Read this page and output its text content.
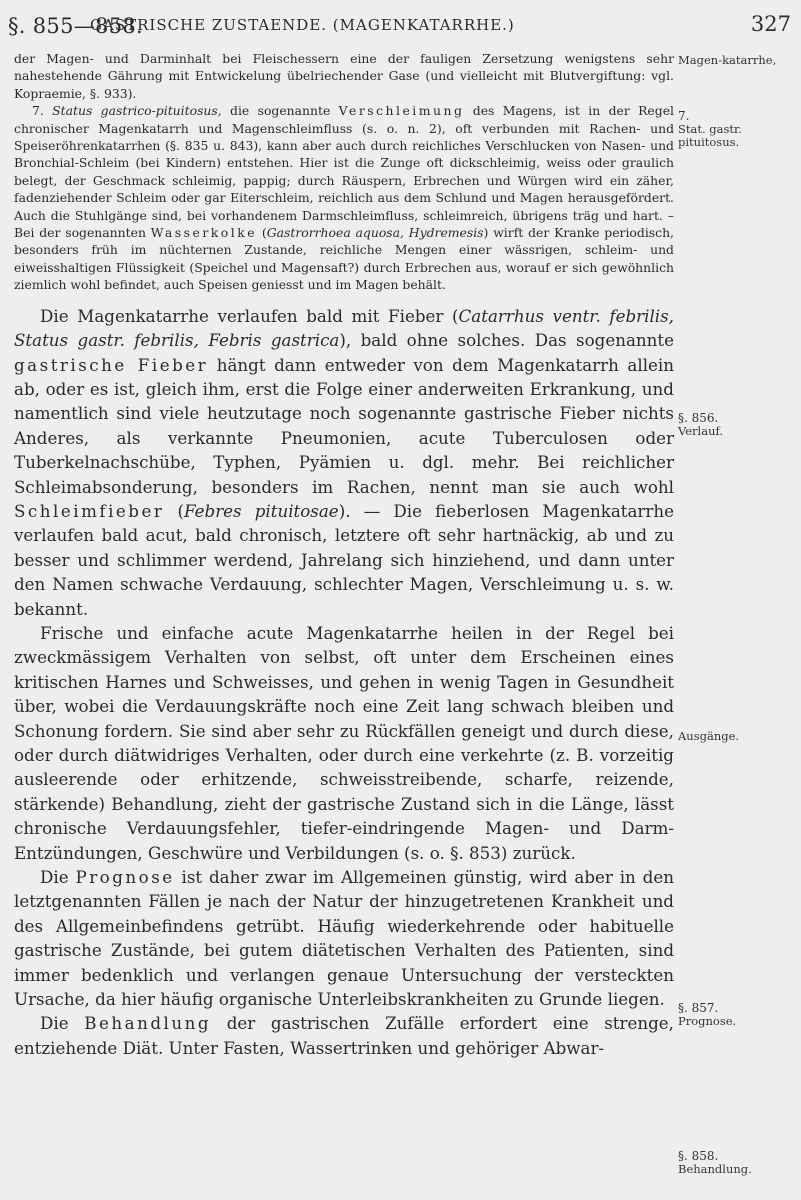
§. 855—858.
GASTRISCHE ZUSTAENDE. (MAGENKATARRHE.)	327

der Magen- und Darminhalt bei Fleischessern eine der fauligen Zersetzung wenigstens sehr nahestehende Gährung mit Entwickelung übelriechender Gase (und vielleicht mit Blutvergiftung: vgl. Kopraemie, §. 933).

7. Status gastrico-pituitosus, die sogenannte Verschleimung des Magens, ist in der Regel chronischer Magenkatarrh und Magenschleimfluss (s. o. n. 2), oft verbunden mit Rachen- und Speiseröhrenkatarrhen (§. 835 u. 843), kann aber auch durch reichliches Verschlucken von Nasen- und Bronchial-Schleim (bei Kindern) entstehen. Hier ist die Zunge oft dickschleimig, weiss oder graulich belegt, der Geschmack schleimig, pappig; durch Räuspern, Erbrechen und Würgen wird ein zäher, fadenziehender Schleim oder gar Eiterschleim, reichlich aus dem Schlund und Magen herausgefördert. Auch die Stuhlgänge sind, bei vorhandenem Darmschleimfluss, schleimreich, übrigens träg und hart. – Bei der sogenannten Wasserkolke (Gastrorrhoea aquosa, Hydremesis) wirft der Kranke periodisch, besonders früh im nüchternen Zustande, reichliche Mengen einer wässrigen, schleim- und eiweisshaltigen Flüssigkeit (Speichel und Magensaft?) durch Erbrechen aus, worauf er sich gewöhnlich ziemlich wohl befindet, auch Speisen geniesst und im Magen behält.

Die Magenkatarrhe verlaufen bald mit Fieber (Catarrhus ventr. febrilis, Status gastr. febrilis, Febris gastrica), bald ohne solches. Das sogenannte gastrische Fieber hängt dann entweder von dem Magenkatarrh allein ab, oder es ist, gleich ihm, erst die Folge einer anderweiten Erkrankung, und namentlich sind viele heutzutage noch sogenannte gastrische Fieber nichts Anderes, als verkannte Pneumonien, acute Tuberculosen oder Tuberkelnachschübe, Typhen, Pyämien u. dgl. mehr. Bei reichlicher Schleimabsonderung, besonders im Rachen, nennt man sie auch wohl Schleimfieber (Febres pituitosae). — Die fieberlosen Magenkatarrhe verlaufen bald acut, bald chronisch, letztere oft sehr hartnäckig, ab und zu besser und schlimmer werdend, Jahrelang sich hinziehend, und dann unter den Namen schwache Verdauung, schlechter Magen, Verschleimung u. s. w. bekannt.

Frische und einfache acute Magenkatarrhe heilen in der Regel bei zweckmässigem Verhalten von selbst, oft unter dem Erscheinen eines kritischen Harnes und Schweisses, und gehen in wenig Tagen in Gesundheit über, wobei die Verdauungskräfte noch eine Zeit lang schwach bleiben und Schonung fordern. Sie sind aber sehr zu Rückfällen geneigt und durch diese, oder durch diätwidriges Verhalten, oder durch eine verkehrte (z. B. vorzeitig ausleerende oder erhitzende, schweisstreibende, scharfe, reizende, stärkende) Behandlung, zieht der gastrische Zustand sich in die Länge, lässt chronische Verdauungsfehler, tiefer-eindringende Magen- und Darm-Entzündungen, Geschwüre und Verbildungen (s. o. §. 853) zurück.

Die Prognose ist daher zwar im Allgemeinen günstig, wird aber in den letztgenannten Fällen je nach der Natur der hinzugetretenen Krankheit und des Allgemeinbefindens getrübt. Häufig wiederkehrende oder habituelle gastrische Zustände, bei gutem diätetischen Verhalten des Patienten, sind immer bedenklich und verlangen genaue Untersuchung der versteckten Ursache, da hier häufig organische Unterleibskrankheiten zu Grunde liegen.

Die Behandlung der gastrischen Zufälle erfordert eine strenge, entziehende Diät. Unter Fasten, Wassertrinken und gehöriger Abwar-

Magen-katarrhe,
7.
Stat. gastr. pituitosus.
§. 856.
Verlauf.
Ausgänge.
§. 857.
Prognose.
§. 858.
Behandlung.
